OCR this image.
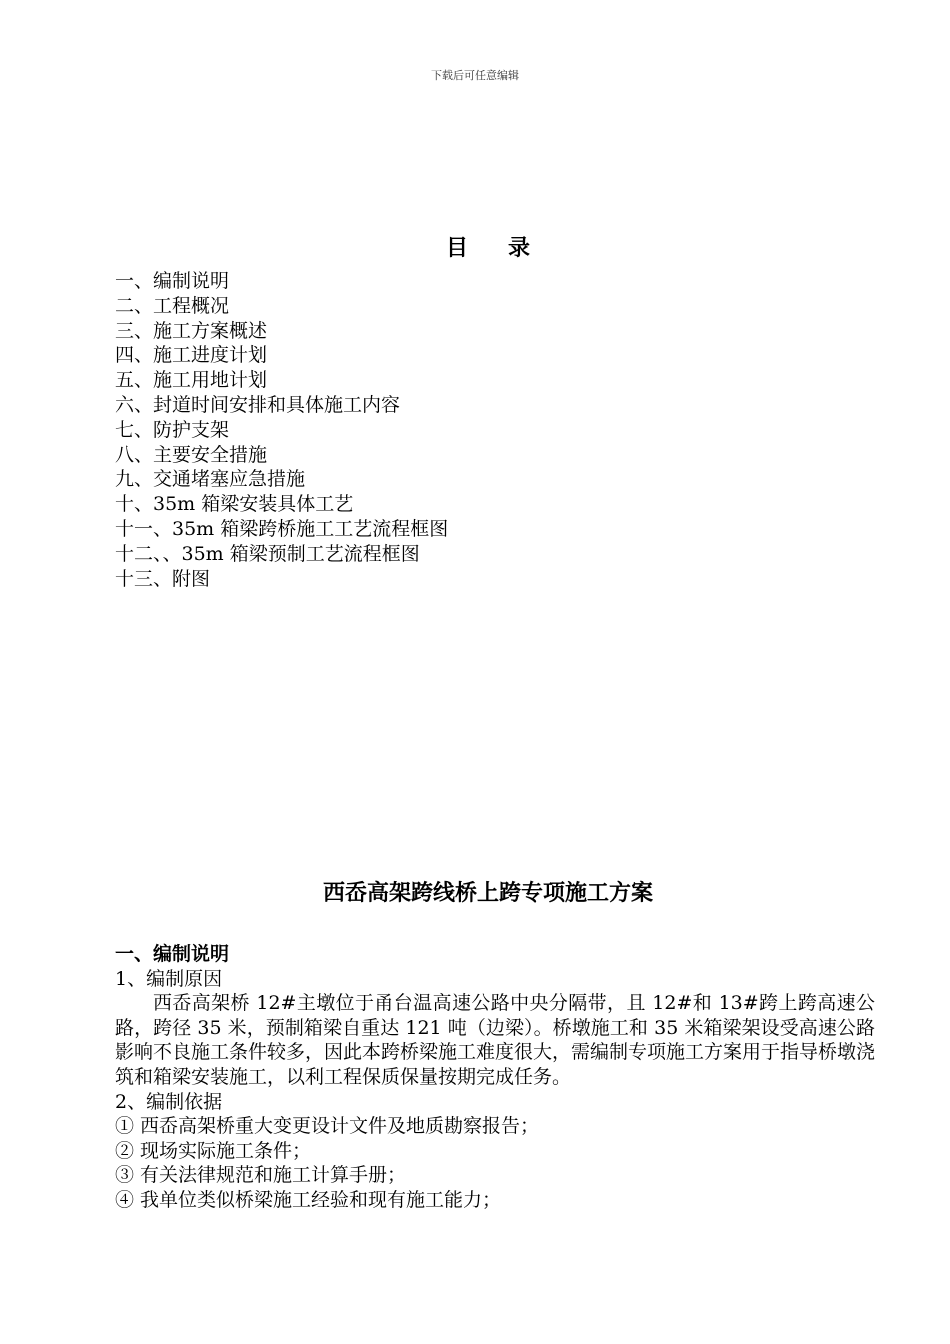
下载后可任意编辑
目 录
一、编制说明
二、工程概况
三、施工方案概述
四、施工进度计划
五、施工用地计划
六、封道时间安排和具体施工内容
七、防护支架
八、主要安全措施
九、交通堵塞应急措施
十、35m 箱梁安装具体工艺
十一、35m 箱梁跨桥施工工艺流程框图
十二、、35m 箱梁预制工艺流程框图
十三、附图
西岙高架跨线桥上跨专项施工方案

一、编制说明

1、编制原因

西岙高架桥 12#主墩位于甬台温高速公路中央分隔带，且 12#和 13#跨上跨高速公路，跨径 35 米，预制箱梁自重达 121 吨（边梁）。桥墩施工和 35 米箱梁架设受高速公路影响不良施工条件较多，因此本跨桥梁施工难度很大，需编制专项施工方案用于指导桥墩浇筑和箱梁安装施工，以利工程保质保量按期完成任务。

2、编制依据

① 西岙高架桥重大变更设计文件及地质勘察报告；

② 现场实际施工条件；

③ 有关法律规范和施工计算手册；

④ 我单位类似桥梁施工经验和现有施工能力；
